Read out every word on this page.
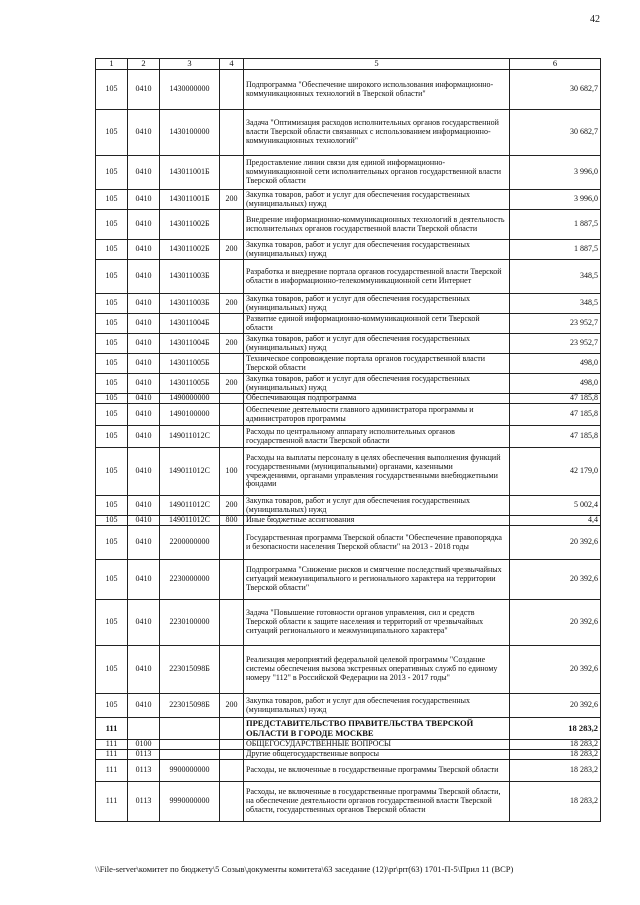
42
1	2	3	4	5	6
105	0410	1430000000		Подпрограмма "Обеспечение широкого использования информационно-коммуникационных технологий в Тверской области"	30 682,7
105	0410	1430100000		Задача "Оптимизация расходов исполнительных органов государственной власти Тверской области связанных с использованием информационно-коммуникационных технологий"	30 682,7
105	0410	143011001Б		Предоставление линии связи для единой информационно-коммуникационной сети исполнительных органов государственной власти Тверской области	3 996,0
105	0410	143011001Б	200	Закупка товаров, работ и услуг для обеспечения государственных (муниципальных) нужд	3 996,0
105	0410	143011002Б		Внедрение информационно-коммуникационных технологий в деятельность исполнительных органов государственной власти Тверской области	1 887,5
105	0410	143011002Б	200	Закупка товаров, работ и услуг для обеспечения государственных (муниципальных) нужд	1 887,5
105	0410	143011003Б		Разработка и внедрение портала органов государственной власти Тверской области в информационно-телекоммуникационной сети Интернет	348,5
105	0410	143011003Б	200	Закупка товаров, работ и услуг для обеспечения государственных (муниципальных) нужд	348,5
105	0410	143011004Б		Развитие единой информационно-коммуникационной сети Тверской области	23 952,7
105	0410	143011004Б	200	Закупка товаров, работ и услуг для обеспечения государственных (муниципальных) нужд	23 952,7
105	0410	143011005Б		Техническое сопровождение портала органов государственной власти Тверской области	498,0
105	0410	143011005Б	200	Закупка товаров, работ и услуг для обеспечения государственных (муниципальных) нужд	498,0
105	0410	1490000000		Обеспечивающая подпрограмма	47 185,8
105	0410	1490100000		Обеспечение деятельности главного администратора программы и администраторов программы	47 185,8
105	0410	149011012С		Расходы по центральному аппарату исполнительных органов государственной власти Тверской области	47 185,8
105	0410	149011012С	100	Расходы на выплаты персоналу в целях обеспечения выполнения функций государственными (муниципальными) органами, казенными учреждениями, органами управления государственными внебюджетными фондами	42 179,0
105	0410	149011012С	200	Закупка товаров, работ и услуг для обеспечения государственных (муниципальных) нужд	5 002,4
105	0410	149011012С	800	Иные бюджетные ассигнования	4,4
105	0410	2200000000		Государственная программа Тверской области "Обеспечение правопорядка и безопасности населения Тверской области" на 2013 - 2018 годы	20 392,6
105	0410	2230000000		Подпрограмма "Снижение рисков и смягчение последствий чрезвычайных ситуаций межмуниципального и регионального характера на территории Тверской области"	20 392,6
105	0410	2230100000		Задача "Повышение готовности органов управления, сил и средств Тверской области к защите населения и территорий от чрезвычайных ситуаций регионального и межмуниципального характера"	20 392,6
105	0410	223015098Б		Реализация мероприятий федеральной целевой программы "Создание системы обеспечения вызова экстренных оперативных служб по единому номеру "112" в Российской Федерации на 2013 - 2017 годы"	20 392,6
105	0410	223015098Б	200	Закупка товаров, работ и услуг для обеспечения государственных (муниципальных) нужд	20 392,6
111				ПРЕДСТАВИТЕЛЬСТВО ПРАВИТЕЛЬСТВА ТВЕРСКОЙ ОБЛАСТИ В ГОРОДЕ МОСКВЕ	18 283,2
111	0100			ОБЩЕГОСУДАРСТВЕННЫЕ ВОПРОСЫ	18 283,2
111	0113			Другие общегосударственные вопросы	18 283,2
111	0113	9900000000		Расходы, не включенные в государственные программы Тверской области	18 283,2
111	0113	9990000000		Расходы, не включенные в государственные программы Тверской области, на обеспечение деятельности органов государственной власти Тверской области, государственных органов Тверской области	18 283,2
\\File-server\комитет по бюджету\5 Созыв\документы комитета\63 заседание (12)\pr\prr(63) 1701-П-5\Прил 11 (ВСР)
